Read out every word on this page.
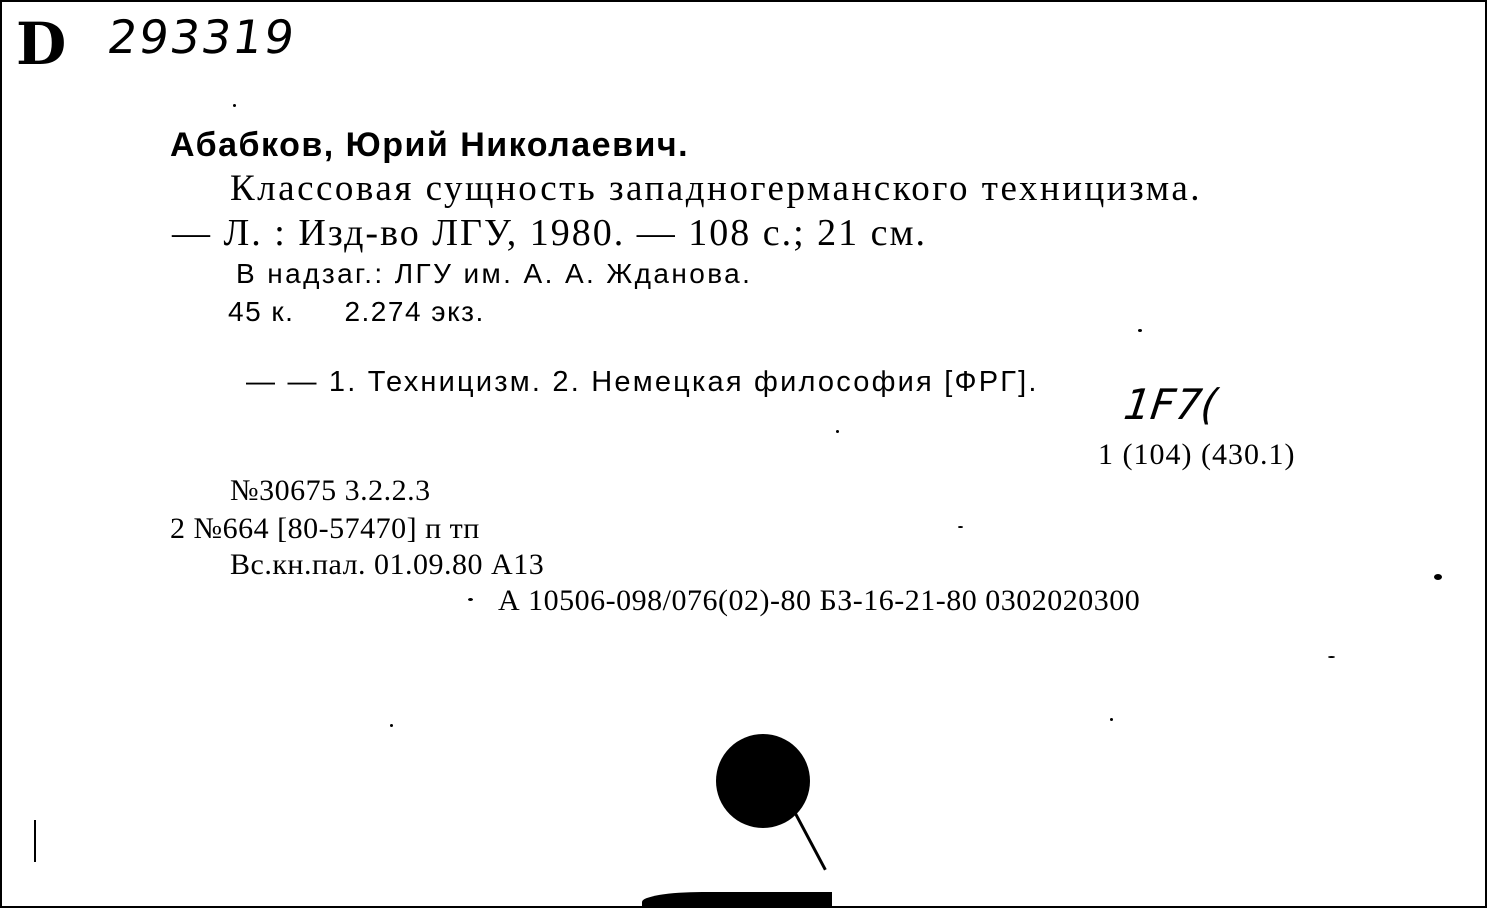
D 293319
Абабков, Юрий Николаевич.
Классовая сущность западногерманского техницизма.
— Л. : Изд-во ЛГУ, 1980. — 108 с.; 21 см.
В надзаг.: ЛГУ им. А. А. Жданова.
45 к. 2.274 экз.
— — 1. Техницизм. 2. Немецкая философия [ФРГ]. 1F7(
1 (104) (430.1)
№30675 3.2.2.3
2 №664 [80-57470] п тп
Вс.кн.пал. 01.09.80 А13
А 10506-098/076(02)-80 БЗ-16-21-80 0302020300
